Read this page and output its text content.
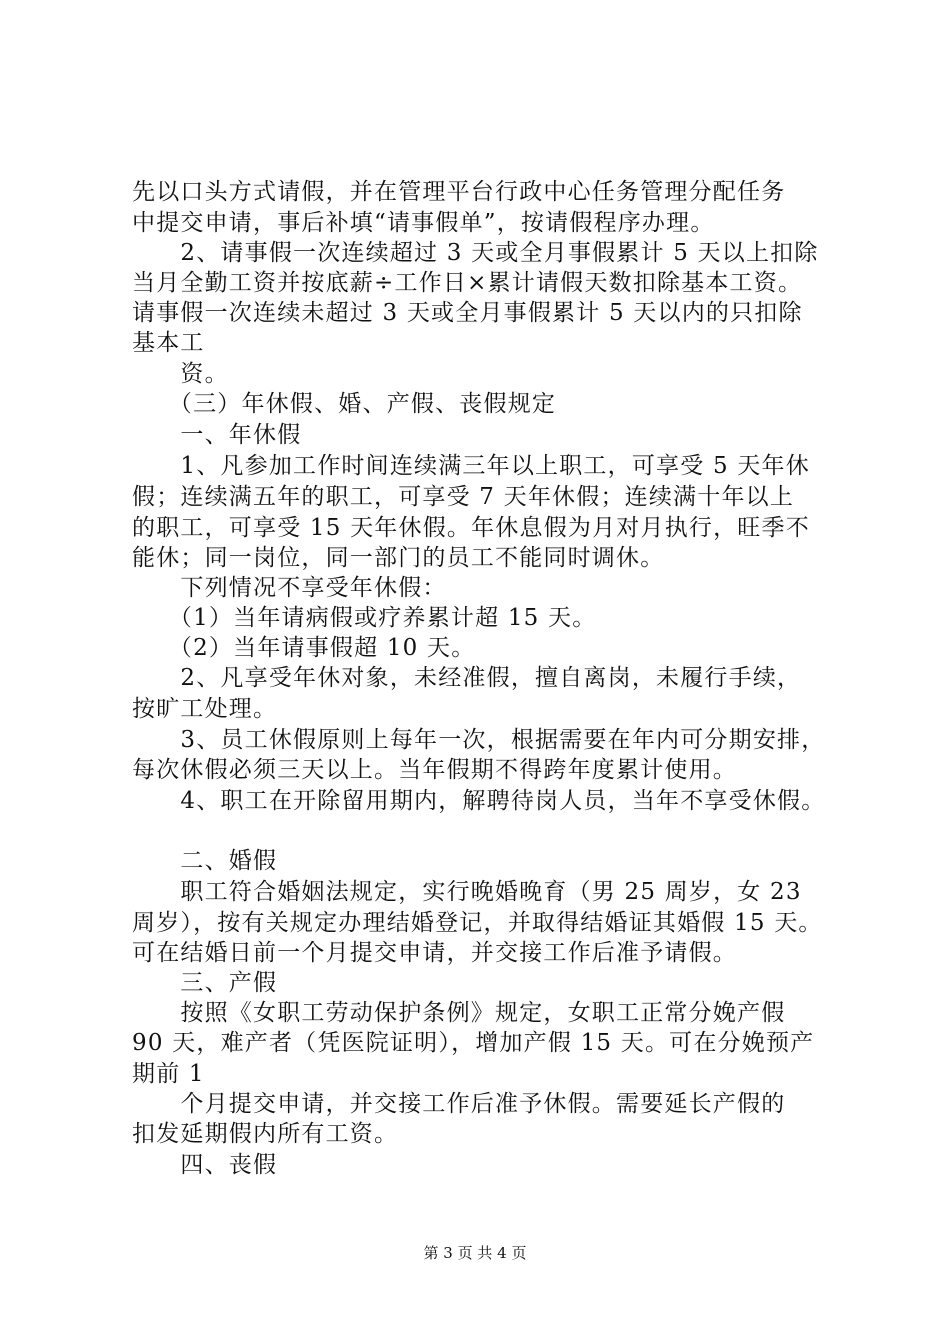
先以口头方式请假，并在管理平台行政中心任务管理分配任务
中提交申请，事后补填“请事假单”，按请假程序办理。
　　2、请事假一次连续超过 3 天或全月事假累计 5 天以上扣除
当月全勤工资并按底薪÷工作日×累计请假天数扣除基本工资。
请事假一次连续未超过 3 天或全月事假累计 5 天以内的只扣除
基本工
　　资。
　　（三）年休假、婚、产假、丧假规定
　　一、年休假
　　1、凡参加工作时间连续满三年以上职工，可享受 5 天年休
假；连续满五年的职工，可享受 7 天年休假；连续满十年以上
的职工，可享受 15 天年休假。年休息假为月对月执行，旺季不
能休；同一岗位，同一部门的员工不能同时调休。
　　下列情况不享受年休假：
　　（1）当年请病假或疗养累计超 15 天。
　　（2）当年请事假超 10 天。
　　2、凡享受年休对象，未经准假，擅自离岗，未履行手续，
按旷工处理。
　　3、员工休假原则上每年一次，根据需要在年内可分期安排，
每次休假必须三天以上。当年假期不得跨年度累计使用。
　　4、职工在开除留用期内，解聘待岗人员，当年不享受休假。
　　二、婚假
　　职工符合婚姻法规定，实行晚婚晚育（男 25 周岁，女 23
周岁），按有关规定办理结婚登记，并取得结婚证其婚假 15 天。
可在结婚日前一个月提交申请，并交接工作后准予请假。
　　三、产假
　　按照《女职工劳动保护条例》规定，女职工正常分娩产假
90 天，难产者（凭医院证明），增加产假 15 天。可在分娩预产
期前 1
　　个月提交申请，并交接工作后准予休假。需要延长产假的
扣发延期假内所有工资。
　　四、丧假
第 3 页 共 4 页
